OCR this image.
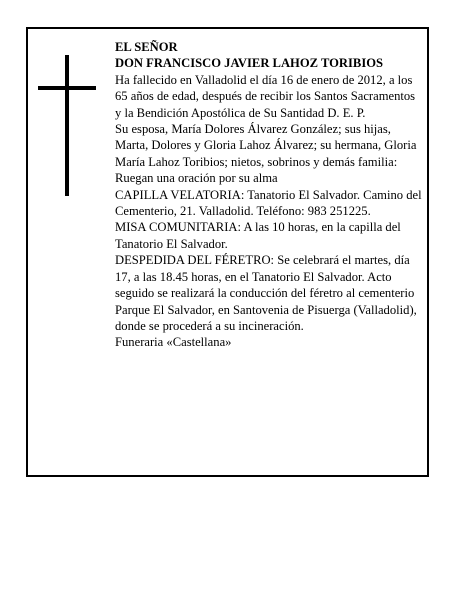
EL SEÑOR

DON FRANCISCO JAVIER LAHOZ TORIBIOS

Ha fallecido en Valladolid el día 16 de enero de 2012, a los 65 años de edad, después de recibir los Santos Sacramentos y la Bendición Apostólica de Su Santidad D. E. P.

Su esposa, María Dolores Álvarez González; sus hijas, Marta, Dolores y Gloria Lahoz Álvarez; su hermana, Gloria María Lahoz Toribios; nietos, sobrinos y demás familia:

Ruegan una oración por su alma

CAPILLA VELATORIA: Tanatorio El Salvador. Camino del Cementerio, 21. Valladolid. Teléfono: 983 251225.

MISA COMUNITARIA: A las 10 horas, en la capilla del Tanatorio El Salvador.

DESPEDIDA DEL FÉRETRO: Se celebrará el martes, día 17, a las 18.45 horas, en el Tanatorio El Salvador. Acto seguido se realizará la conducción del féretro al cementerio Parque El Salvador, en Santovenia de Pisuerga (Valladolid), donde se procederá a su incineración.

Funeraria «Castellana»
